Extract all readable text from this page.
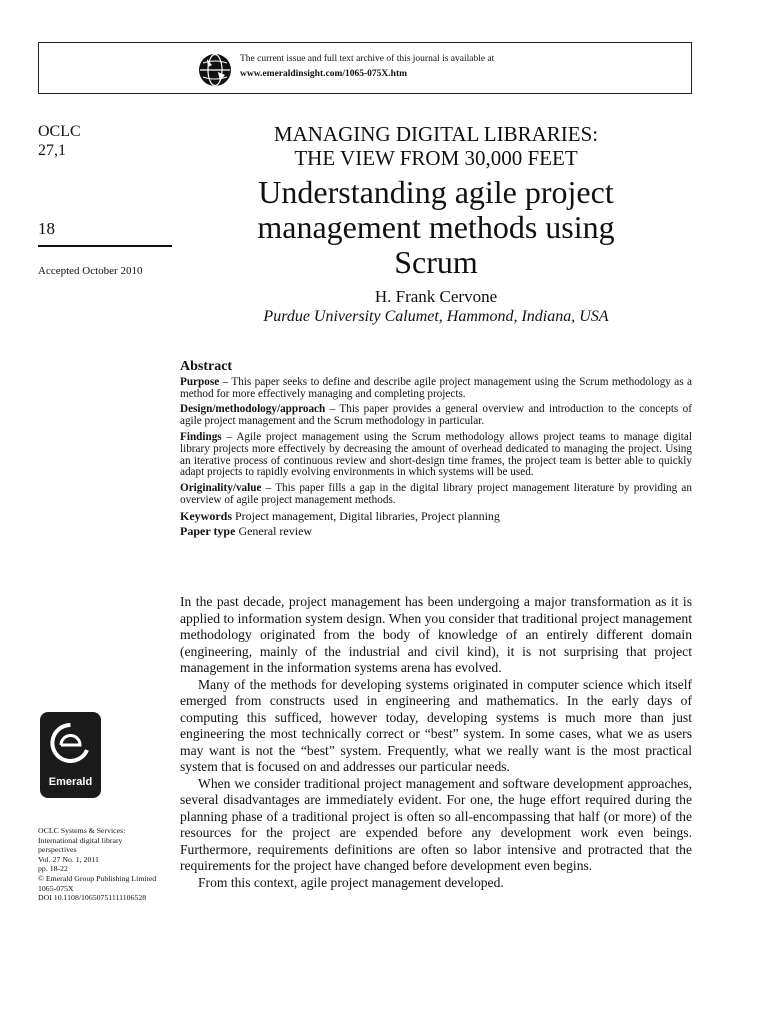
The current issue and full text archive of this journal is available at
www.emeraldinsight.com/1065-075X.htm
OCLC
27,1
18
Accepted October 2010
MANAGING DIGITAL LIBRARIES:
THE VIEW FROM 30,000 FEET
Understanding agile project
management methods using
Scrum
H. Frank Cervone
Purdue University Calumet, Hammond, Indiana, USA
Abstract

Purpose – This paper seeks to define and describe agile project management using the Scrum methodology as a method for more effectively managing and completing projects.

Design/methodology/approach – This paper provides a general overview and introduction to the concepts of agile project management and the Scrum methodology in particular.

Findings – Agile project management using the Scrum methodology allows project teams to manage digital library projects more effectively by decreasing the amount of overhead dedicated to managing the project. Using an iterative process of continuous review and short-design time frames, the project team is better able to quickly adapt projects to rapidly evolving environments in which systems will be used.

Originality/value – This paper fills a gap in the digital library project management literature by providing an overview of agile project management methods.

Keywords Project management, Digital libraries, Project planning
Paper type General review

In the past decade, project management has been undergoing a major transformation as it is applied to information system design. When you consider that traditional project management methodology originated from the body of knowledge of an entirely different domain (engineering, mainly of the industrial and civil kind), it is not surprising that project management in the information systems arena has evolved.

Many of the methods for developing systems originated in computer science which itself emerged from constructs used in engineering and mathematics. In the early days of computing this sufficed, however today, developing systems is much more than just engineering the most technically correct or “best” system. In some cases, what we as users may want is not the “best” system. Frequently, what we really want is the most practical system that is focused on and addresses our particular needs.

When we consider traditional project management and software development approaches, several disadvantages are immediately evident. For one, the huge effort required during the planning phase of a traditional project is often so all-encompassing that half (or more) of the resources for the project are expended before any development work even beings. Furthermore, requirements definitions are often so labor intensive and protracted that the requirements for the project have changed before development even begins.

From this context, agile project management developed.

Emerald
OCLC Systems & Services:
International digital library
perspectives
Vol. 27 No. 1, 2011
pp. 18-22
© Emerald Group Publishing Limited
1065-075X
DOI 10.1108/10650751111106528
